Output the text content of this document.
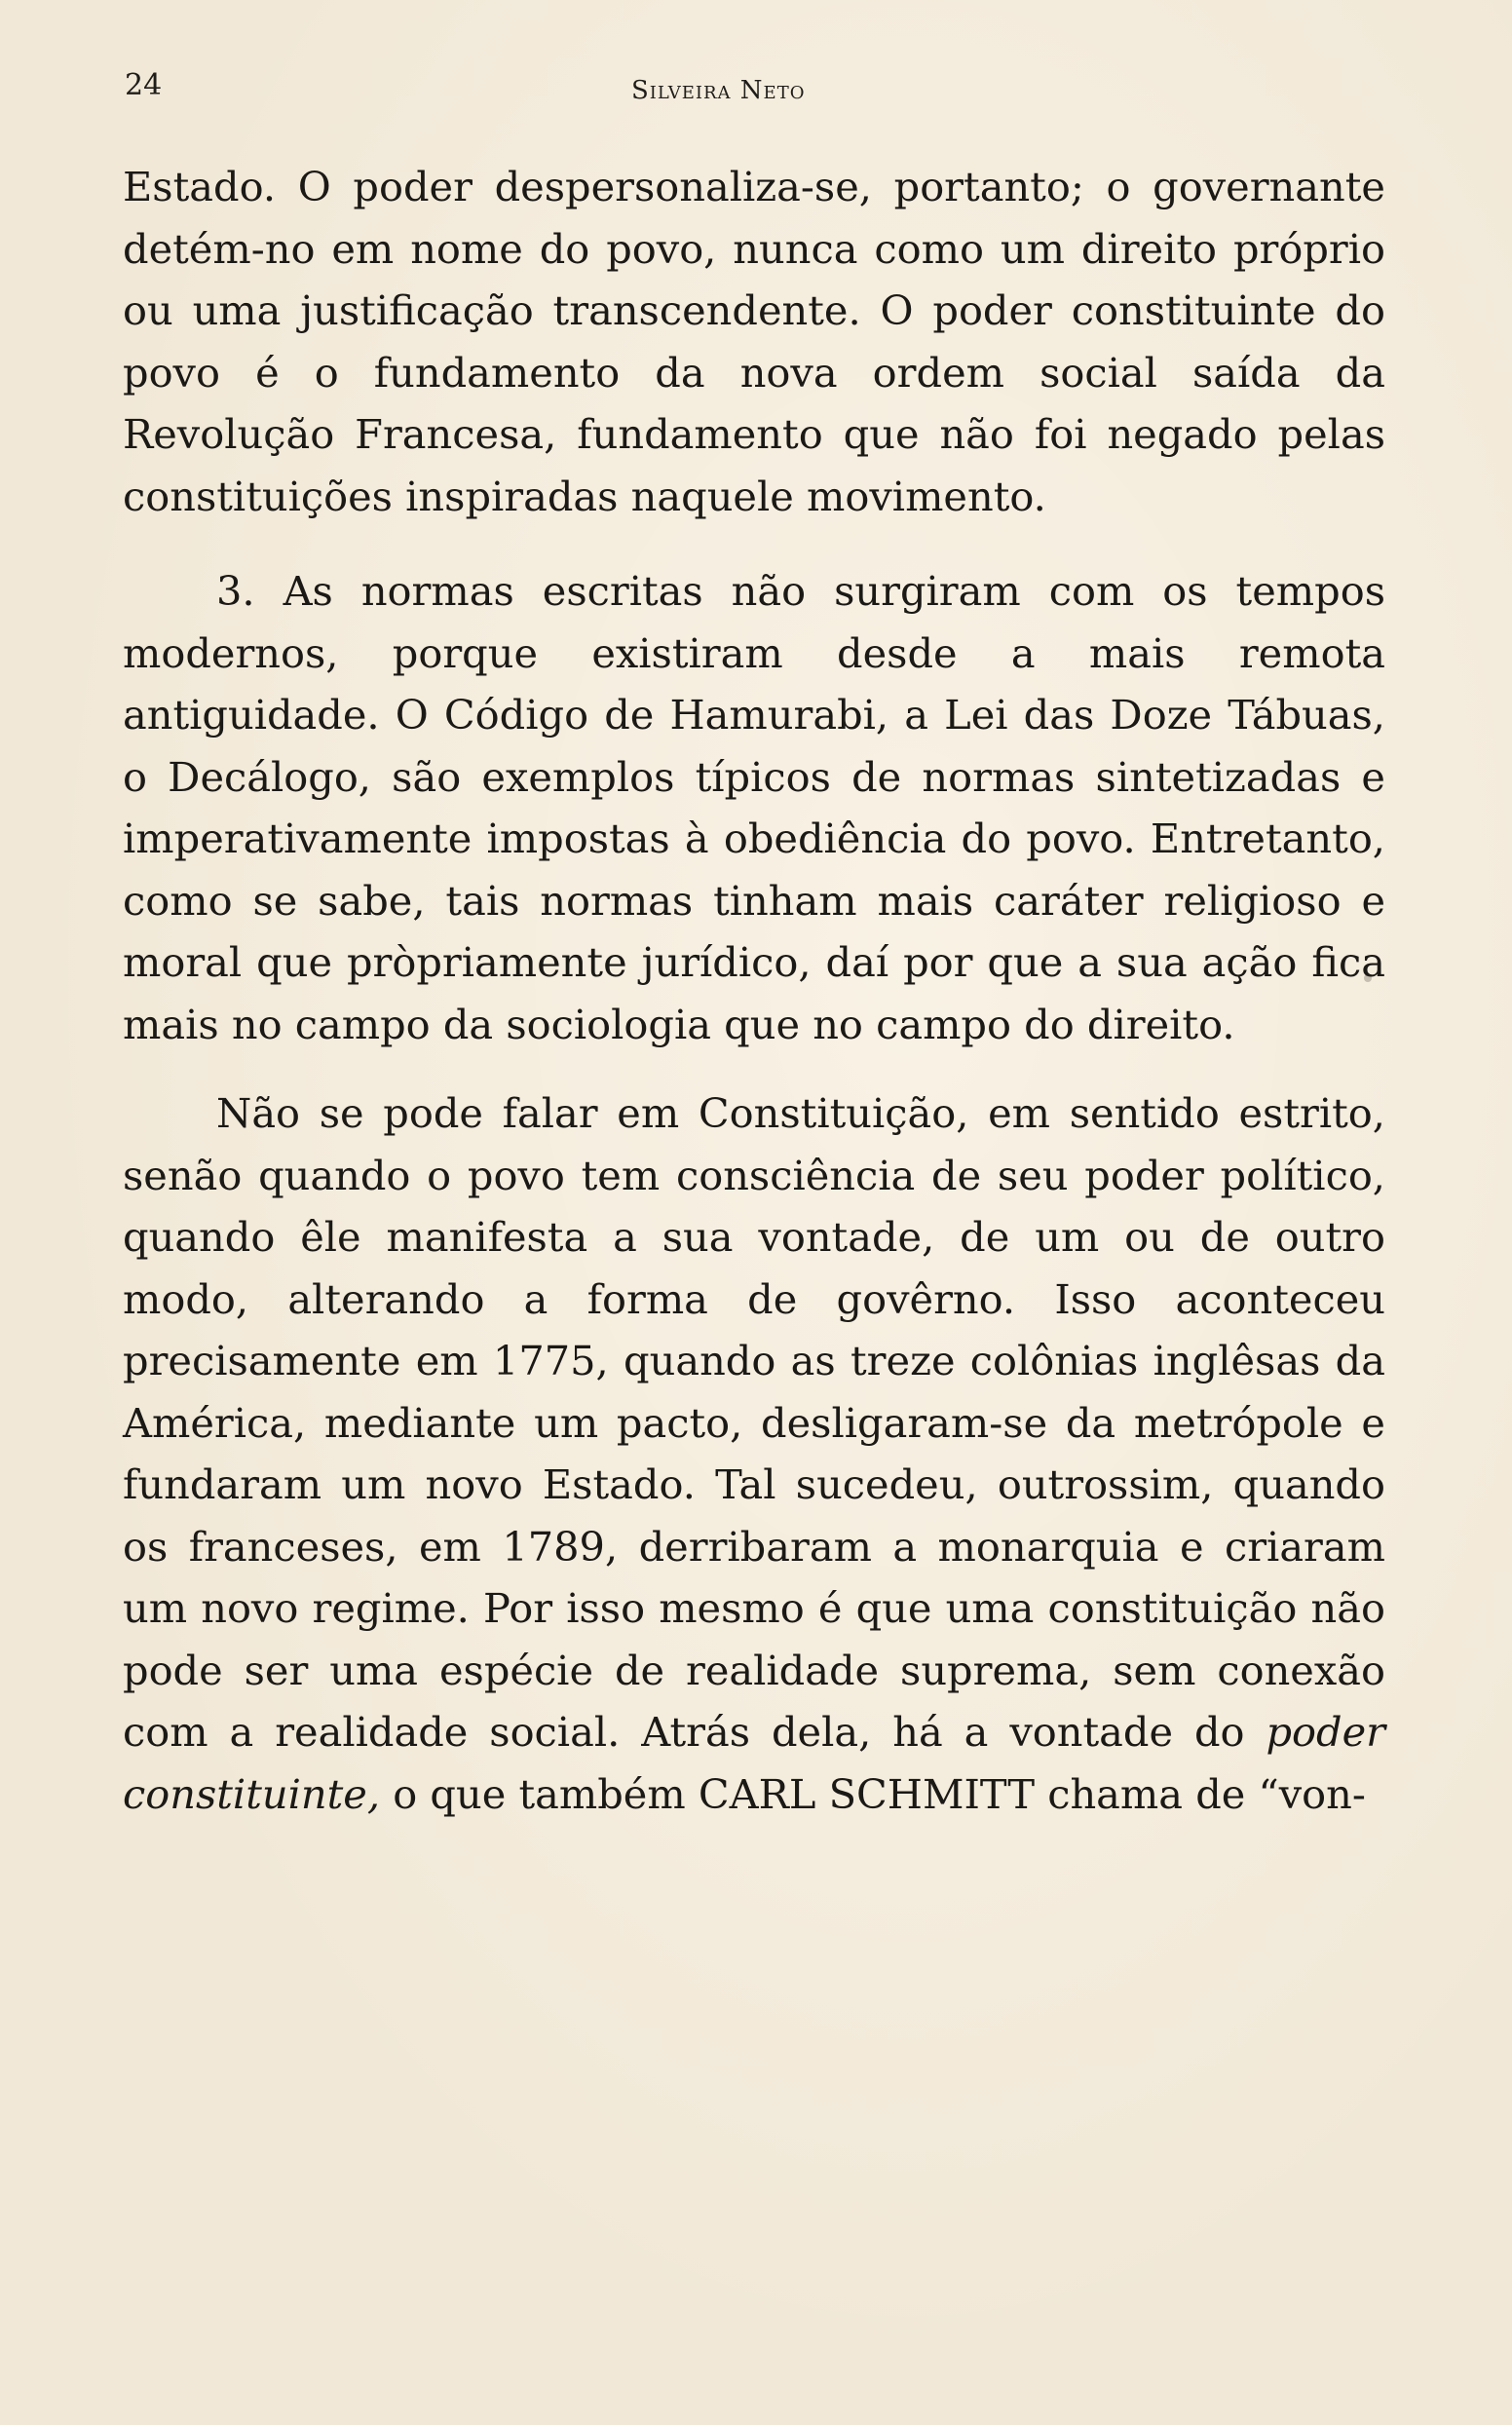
24	Silveira Neto

Estado. O poder despersonaliza-se, portanto; o governante detém-no em nome do povo, nunca como um direito próprio ou uma justificação transcendente. O poder constituinte do povo é o fundamento da nova ordem social saída da Revolução Francesa, fundamento que não foi negado pelas constituições inspiradas naquele movimento.

3. As normas escritas não surgiram com os tempos modernos, porque existiram desde a mais remota antiguidade. O Código de Hamurabi, a Lei das Doze Tábuas, o Decálogo, são exemplos típicos de normas sintetizadas e imperativamente impostas à obediência do povo. Entretanto, como se sabe, tais normas tinham mais caráter religioso e moral que pròpriamente jurídico, daí por que a sua ação fica mais no campo da sociologia que no campo do direito.

Não se pode falar em Constituição, em sentido estrito, senão quando o povo tem consciência de seu poder político, quando êle manifesta a sua vontade, de um ou de outro modo, alterando a forma de govêrno. Isso aconteceu precisamente em 1775, quando as treze colônias inglêsas da América, mediante um pacto, desligaram-se da metrópole e fundaram um novo Estado. Tal sucedeu, outrossim, quando os franceses, em 1789, derribaram a monarquia e criaram um novo regime. Por isso mesmo é que uma constituição não pode ser uma espécie de realidade suprema, sem conexão com a realidade social. Atrás dela, há a vontade do poder constituinte, o que também CARL SCHMITT chama de “von-
